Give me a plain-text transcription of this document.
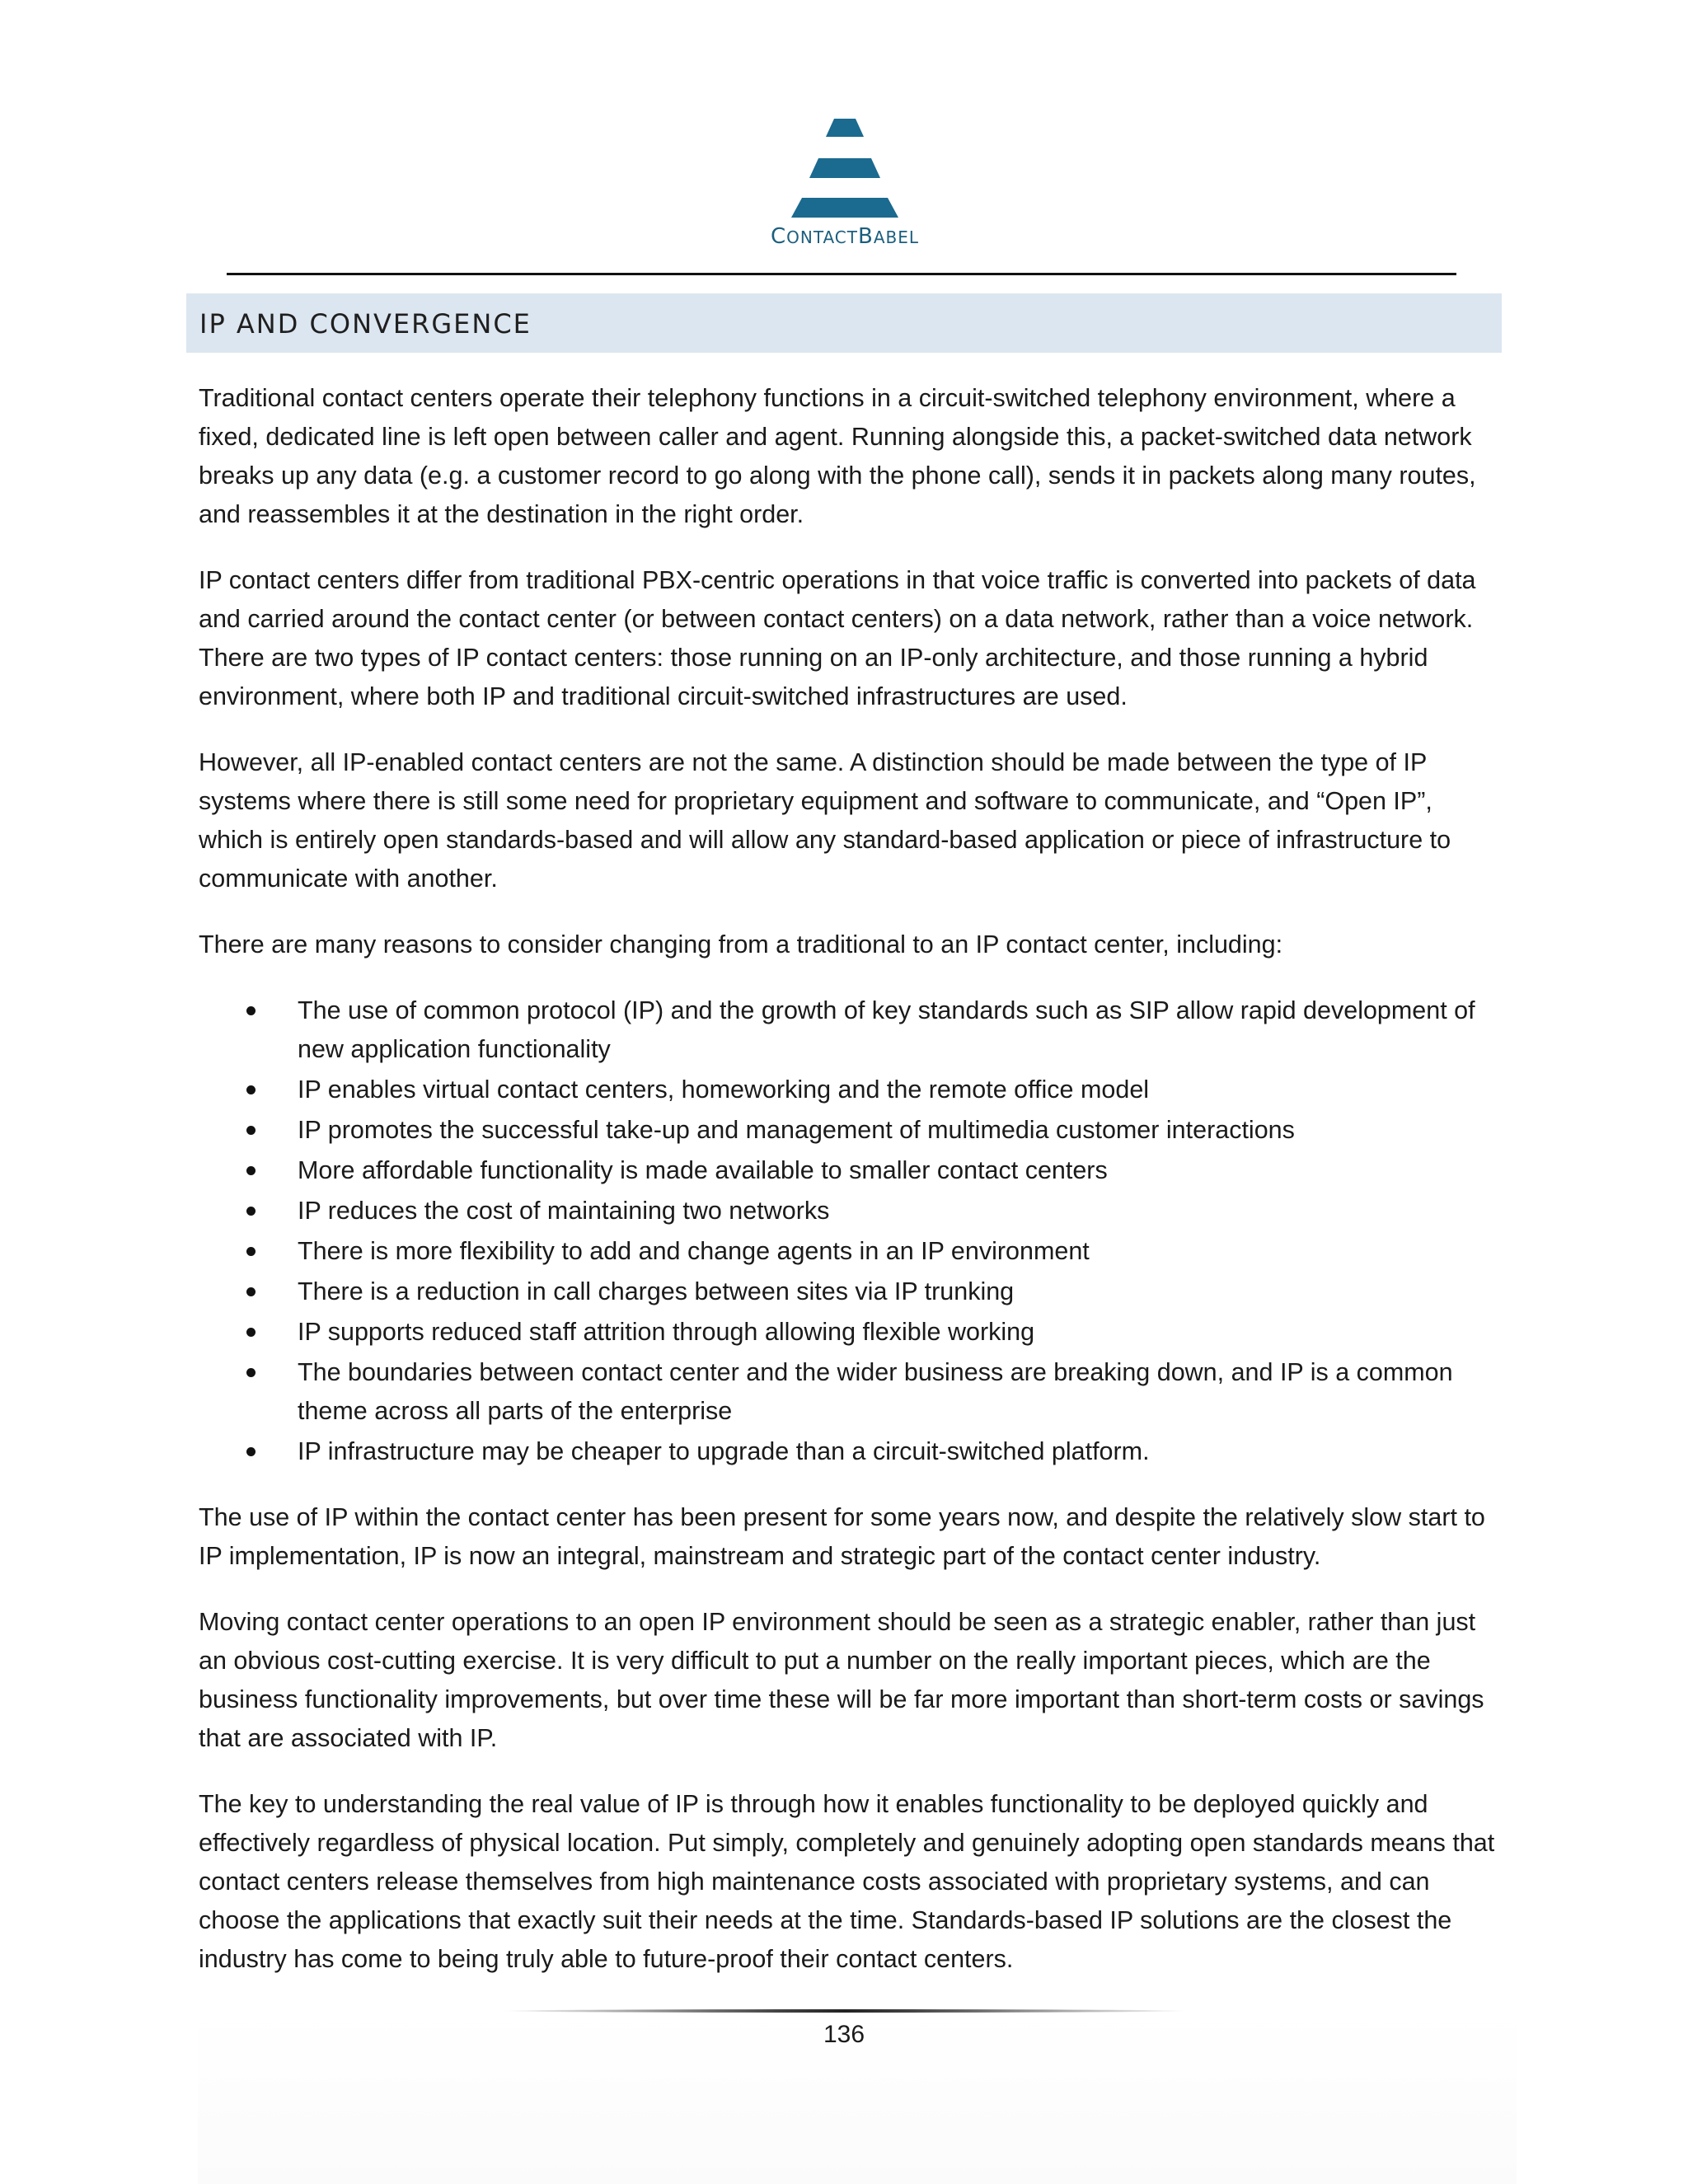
CONTACTBABEL
IP AND CONVERGENCE

Traditional contact centers operate their telephony functions in a circuit-switched telephony environment, where a fixed, dedicated line is left open between caller and agent. Running alongside this, a packet-switched data network breaks up any data (e.g. a customer record to go along with the phone call), sends it in packets along many routes, and reassembles it at the destination in the right order.

IP contact centers differ from traditional PBX-centric operations in that voice traffic is converted into packets of data and carried around the contact center (or between contact centers) on a data network, rather than a voice network. There are two types of IP contact centers: those running on an IP-only architecture, and those running a hybrid environment, where both IP and traditional circuit-switched infrastructures are used.

However, all IP-enabled contact centers are not the same. A distinction should be made between the type of IP systems where there is still some need for proprietary equipment and software to communicate, and “Open IP”, which is entirely open standards-based and will allow any standard-based application or piece of infrastructure to communicate with another.

There are many reasons to consider changing from a traditional to an IP contact center, including:

The use of common protocol (IP) and the growth of key standards such as SIP allow rapid development of new application functionality
IP enables virtual contact centers, homeworking and the remote office model
IP promotes the successful take-up and management of multimedia customer interactions
More affordable functionality is made available to smaller contact centers
IP reduces the cost of maintaining two networks
There is more flexibility to add and change agents in an IP environment
There is a reduction in call charges between sites via IP trunking
IP supports reduced staff attrition through allowing flexible working
The boundaries between contact center and the wider business are breaking down, and IP is a common theme across all parts of the enterprise
IP infrastructure may be cheaper to upgrade than a circuit-switched platform.

The use of IP within the contact center has been present for some years now, and despite the relatively slow start to IP implementation, IP is now an integral, mainstream and strategic part of the contact center industry.

Moving contact center operations to an open IP environment should be seen as a strategic enabler, rather than just an obvious cost-cutting exercise. It is very difficult to put a number on the really important pieces, which are the business functionality improvements, but over time these will be far more important than short-term costs or savings that are associated with IP.

The key to understanding the real value of IP is through how it enables functionality to be deployed quickly and effectively regardless of physical location. Put simply, completely and genuinely adopting open standards means that contact centers release themselves from high maintenance costs associated with proprietary systems, and can choose the applications that exactly suit their needs at the time. Standards-based IP solutions are the closest the industry has come to being truly able to future-proof their contact centers.

136
